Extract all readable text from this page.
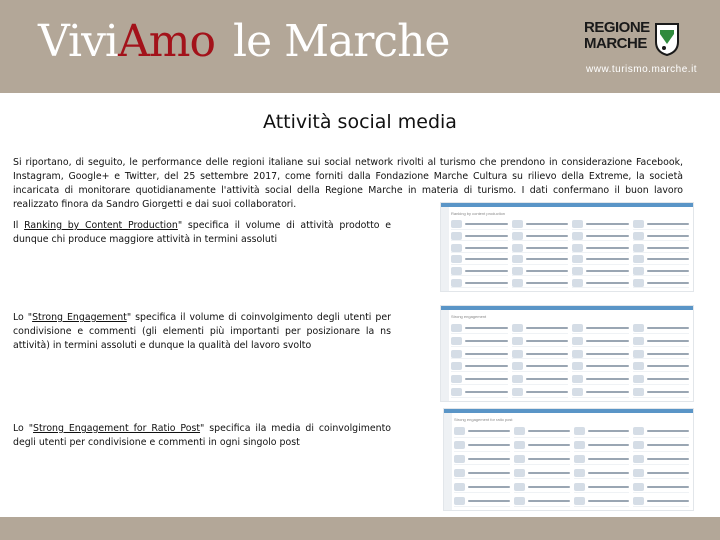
ViviAmo le Marche	REGIONE
MARCHE
www.turismo.marche.it
Attività social media
Si riportano, di seguito, le performance delle regioni italiane sui social network rivolti al turismo che prendono in considerazione Facebook, Instagram, Google+ e Twitter, del 25 settembre 2017, come forniti dalla Fondazione Marche Cultura su rilievo della Extreme, la società incaricata di monitorare quotidianamente l'attività social della Regione Marche in materia di turismo. I dati confermano il buon lavoro realizzato finora da Sandro Giorgetti e dai suoi collaboratori.
Il Ranking by Content Production" specifica il volume di attività prodotto e dunque chi produce maggiore attività in termini assoluti
Lo "Strong Engagement" specifica il volume di coinvolgimento degli utenti per condivisione e commenti (gli elementi più importanti per posizionare la ns attività) in termini assoluti e dunque la qualità del lavoro svolto
Lo "Strong Engagement for Ratio Post" specifica ila media di coinvolgimento degli utenti per condivisione e commenti in ogni singolo post
Ranking by content production
Strong engagement
Strong engagement for ratio post
